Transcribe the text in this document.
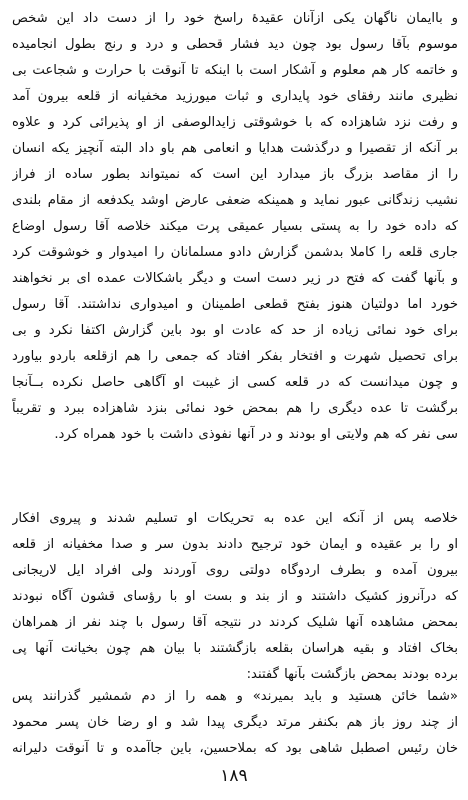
و باایمان ناگهان یکی ازآنان عقیدهٔ راسخ خود را از دست داد این شخص
موسوم بآقا رسول بود چون دید فشار قحطی و درد و رنج بطول انجامیده
و خاتمه کار هم معلوم و آشکار است با اینکه تا آنوقت با حرارت و شجاعت بی
نظیری مانند رفقای خود پایداری و ثبات میورزید مخفیانه از قلعه بیرون آمد
و رفت نزد شاهزاده که با خوشوقتی زایدالوصفی از او پذیرائی کرد و علاوه
بر آنکه از تقصیرا و درگذشت هدایا و انعامی هم باو داد البته آنچیز یکه انسان
را از مقاصد بزرگ باز میدارد این است که نمیتواند بطور ساده از فراز
نشیب زندگانی عبور نماید و همینکه ضعفی عارض اوشد یکدفعه از مقام بلندی
که داده خود را به پستی بسیار عمیقی پرت میکند خلاصه آقا رسول اوضاع
جاری قلعه را کاملا بدشمن گزارش دادو مسلمانان را امیدوار و خوشوقت کرد
و بآنها گفت که فتح در زیر دست است و دیگر باشکالات عمده ای بر نخواهند
خورد اما دولتیان هنوز بفتح قطعی اطمینان و امیدواری نداشتند. آقا رسول
برای خود نمائی زیاده از حد که عادت او بود باین گزارش اکتفا نکرد و بی
برای تحصیل شهرت و افتخار بفکر افتاد که جمعی را هم ازقلعه باردو بیاورد
و چون میدانست که در قلعه کسی از غیبت او آگاهی حاصل نکرده بــآنجا
برگشت تا عده دیگری را هم بمحض خود نمائی بنزد شاهزاده ببرد و تقریباً
سی نفر که هم ولایتی او بودند و در آنها نفوذی داشت با خود همراه کرد.
خلاصه پس از آنکه این عده به تحریکات او تسلیم شدند و پیروی افکار
او را بر عقیده و ایمان خود ترجیح دادند بدون سر و صدا مخفیانه از قلعه
بیرون آمده و بطرف اردوگاه دولتی روی آوردند ولی افراد ایل لاریجانی
که درآنروز کشیک داشتند و از بند و بست او با رؤسای قشون آگاه نبودند
بمحض مشاهده آنها شلیک کردند در نتیجه آقا رسول با چند نفر از همراهان
بخاک افتاد و بقیه هراسان بقلعه بازگشتند با بیان هم چون بخیانت آنها پی
برده بودند بمحض بازگشت بآنها گفتند:
«شما خائن هستید و باید بمیرند» و همه را از دم شمشیر گذرانند پس
از چند روز باز هم بکنفر مرتد دیگری پیدا شد و او رضا خان پسر محمود
خان رئیس اصطبل شاهی بود که بملاحسین، باین جاآمده و تا آنوقت دلیرانه
۱۸۹
